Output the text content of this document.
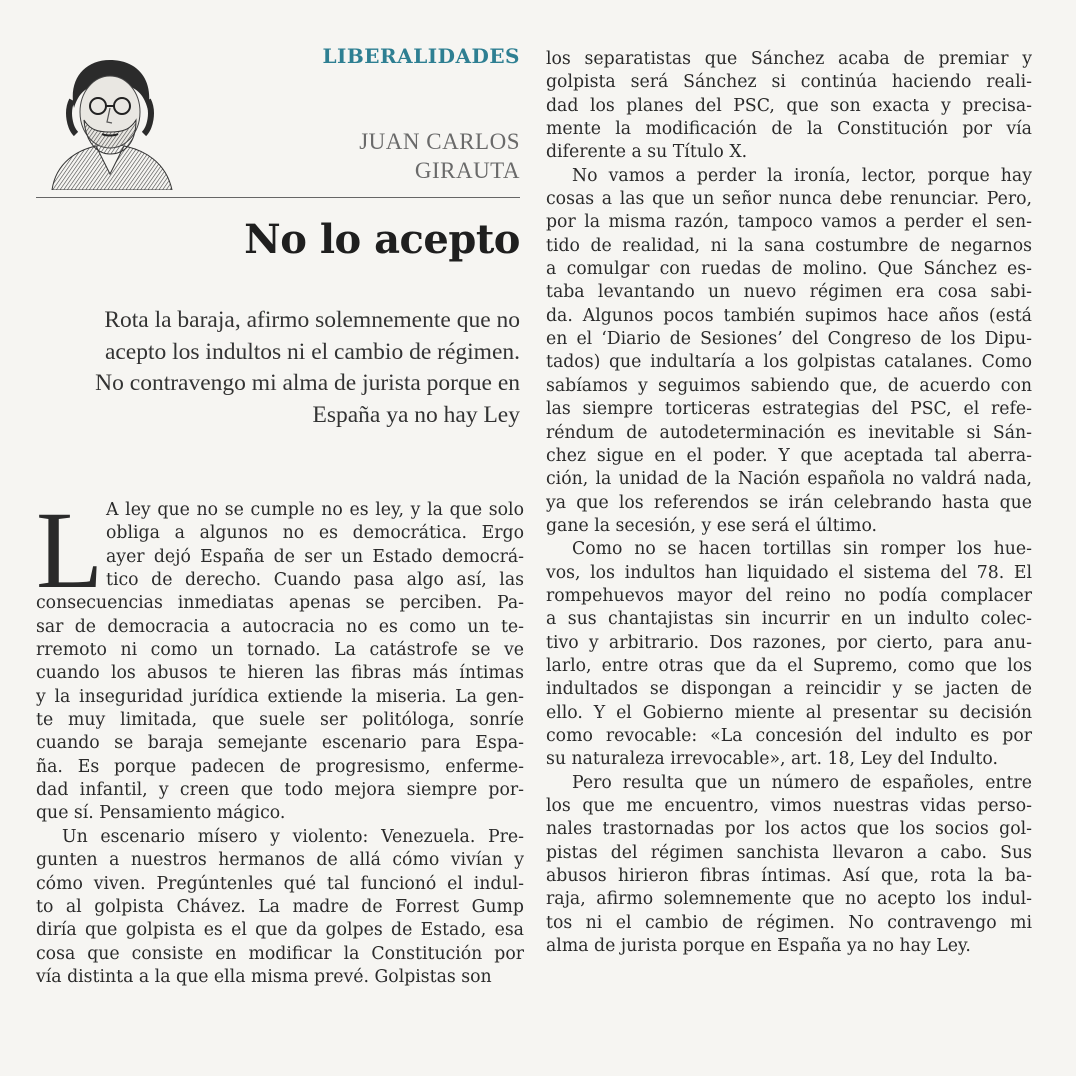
LIBERALIDADES
JUAN CARLOS
GIRAUTA
No lo acepto
Rota la baraja, afirmo solemnemente que no acepto los indultos ni el cambio de régimen. No contravengo mi alma de jurista porque en España ya no hay Ley
L A ley que no se cumple no es ley, y la que solo
obliga a algunos no es democrática. Ergo
ayer dejó España de ser un Estado democrá-
tico de derecho. Cuando pasa algo así, las
consecuencias inmediatas apenas se perciben. Pa-
sar de democracia a autocracia no es como un te-
rremoto ni como un tornado. La catástrofe se ve
cuando los abusos te hieren las fibras más íntimas
y la inseguridad jurídica extiende la miseria. La gen-
te muy limitada, que suele ser politóloga, sonríe
cuando se baraja semejante escenario para Espa-
ña. Es porque padecen de progresismo, enferme-
dad infantil, y creen que todo mejora siempre por-
que sí. Pensamiento mágico.
Un escenario mísero y violento: Venezuela. Pre-
gunten a nuestros hermanos de allá cómo vivían y
cómo viven. Pregúntenles qué tal funcionó el indul-
to al golpista Chávez. La madre de Forrest Gump
diría que golpista es el que da golpes de Estado, esa
cosa que consiste en modificar la Constitución por
vía distinta a la que ella misma prevé. Golpistas son
los separatistas que Sánchez acaba de premiar y
golpista será Sánchez si continúa haciendo reali-
dad los planes del PSC, que son exacta y precisa-
mente la modificación de la Constitución por vía
diferente a su Título X.
No vamos a perder la ironía, lector, porque hay
cosas a las que un señor nunca debe renunciar. Pero,
por la misma razón, tampoco vamos a perder el sen-
tido de realidad, ni la sana costumbre de negarnos
a comulgar con ruedas de molino. Que Sánchez es-
taba levantando un nuevo régimen era cosa sabi-
da. Algunos pocos también supimos hace años (está
en el ‘Diario de Sesiones’ del Congreso de los Dipu-
tados) que indultaría a los golpistas catalanes. Como
sabíamos y seguimos sabiendo que, de acuerdo con
las siempre torticeras estrategias del PSC, el refe-
réndum de autodeterminación es inevitable si Sán-
chez sigue en el poder. Y que aceptada tal aberra-
ción, la unidad de la Nación española no valdrá nada,
ya que los referendos se irán celebrando hasta que
gane la secesión, y ese será el último.
Como no se hacen tortillas sin romper los hue-
vos, los indultos han liquidado el sistema del 78. El
rompehuevos mayor del reino no podía complacer
a sus chantajistas sin incurrir en un indulto colec-
tivo y arbitrario. Dos razones, por cierto, para anu-
larlo, entre otras que da el Supremo, como que los
indultados se dispongan a reincidir y se jacten de
ello. Y el Gobierno miente al presentar su decisión
como revocable: «La concesión del indulto es por
su naturaleza irrevocable», art. 18, Ley del Indulto.
Pero resulta que un número de españoles, entre
los que me encuentro, vimos nuestras vidas perso-
nales trastornadas por los actos que los socios gol-
pistas del régimen sanchista llevaron a cabo. Sus
abusos hirieron fibras íntimas. Así que, rota la ba-
raja, afirmo solemnemente que no acepto los indul-
tos ni el cambio de régimen. No contravengo mi
alma de jurista porque en España ya no hay Ley.
